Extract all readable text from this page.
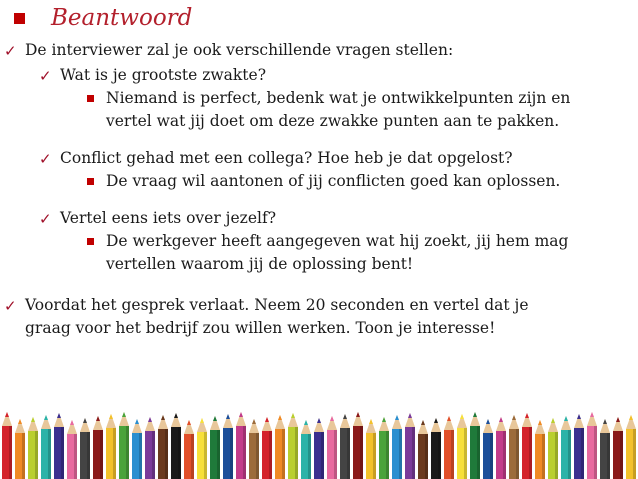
Beantwoord
✓ De interviewer zal je ook verschillende vragen stellen:
✓ Wat is je grootste zwakte?
Niemand is perfect, bedenk wat je ontwikkelpunten zijn en
vertel wat jij doet om deze zwakke punten aan te pakken.
✓ Conflict gehad met een collega? Hoe heb je dat opgelost?
De vraag wil aantonen of jij conflicten goed kan oplossen.
✓ Vertel eens iets over jezelf?
De werkgever heeft aangegeven wat hij zoekt, jij hem mag
vertellen waarom jij de oplossing bent!
✓ Voordat het gesprek verlaat. Neem 20 seconden en vertel dat je
graag voor het bedrijf zou willen werken. Toon je interesse!
